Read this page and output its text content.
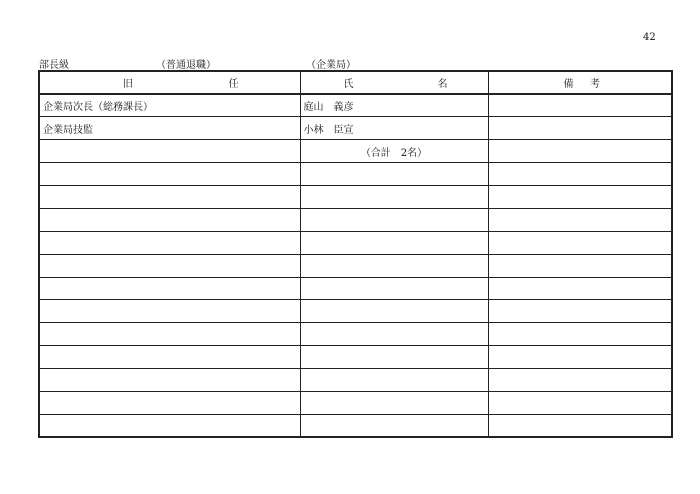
42
部長級	（普通退職）	（企業局）
旧 任	氏 名	備 考

企業局次長（総務課長）	庭山 義彦	
企業局技監	小林 臣宣	
	（合計　2名）	
